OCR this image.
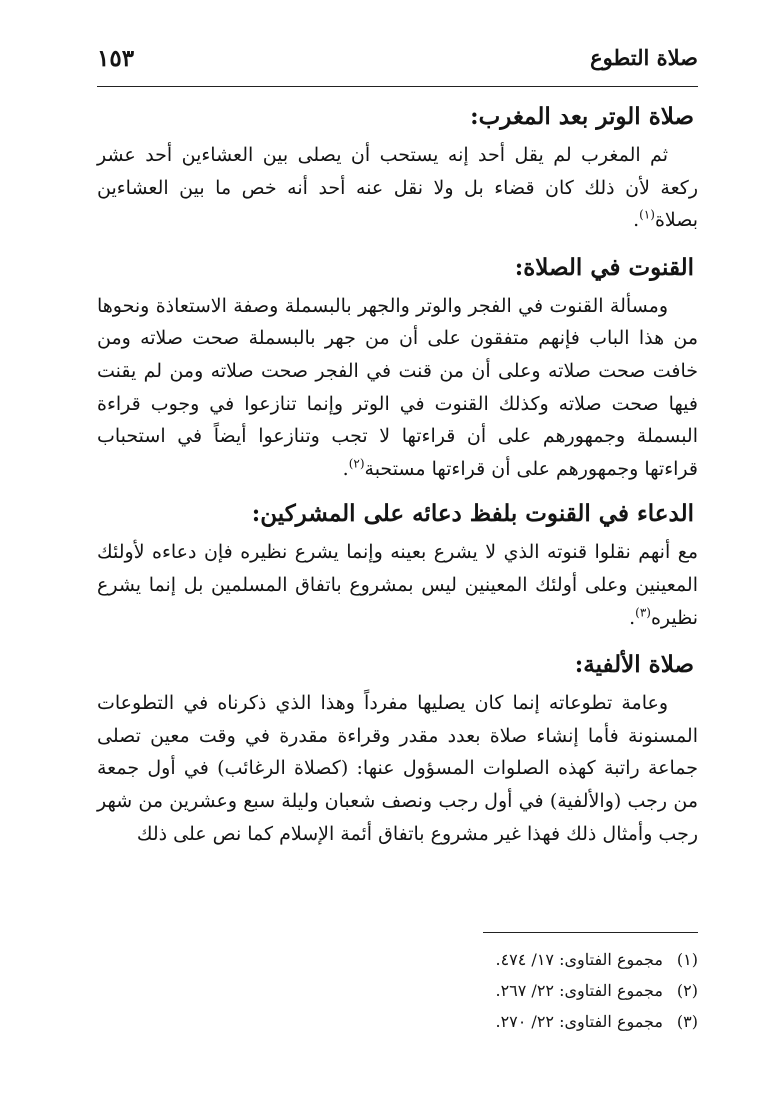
صلاة التطوع
١٥٣
صلاة الوتر بعد المغرب:

ثم المغرب لم يقل أحد إنه يستحب أن يصلى بين العشاءين أحد عشر ركعة لأن ذلك كان قضاء بل ولا نقل عنه أحد أنه خص ما بين العشاءين بصلاة$^{(١)}$.

القنوت في الصلاة:

ومسألة القنوت في الفجر والوتر والجهر بالبسملة وصفة الاستعاذة ونحوها من هذا الباب فإنهم متفقون على أن من جهر بالبسملة صحت صلاته ومن خافت صحت صلاته وعلى أن من قنت في الفجر صحت صلاته ومن لم يقنت فيها صحت صلاته وكذلك القنوت في الوتر وإنما تنازعوا في وجوب قراءة البسملة وجمهورهم على أن قراءتها لا تجب وتنازعوا أيضاً في استحباب قراءتها وجمهورهم على أن قراءتها مستحبة$^{(٢)}$.

الدعاء في القنوت بلفظ دعائه على المشركين:

مع أنهم نقلوا قنوته الذي لا يشرع بعينه وإنما يشرع نظيره فإن دعاءه لأولئك المعينين وعلى أولئك المعينين ليس بمشروع باتفاق المسلمين بل إنما يشرع نظيره$^{(٣)}$.

صلاة الألفية:

وعامة تطوعاته إنما كان يصليها مفرداً وهذا الذي ذكرناه في التطوعات المسنونة فأما إنشاء صلاة بعدد مقدر وقراءة مقدرة في وقت معين تصلى جماعة راتبة كهذه الصلوات المسؤول عنها: (كصلاة الرغائب) في أول جمعة من رجب (والألفية) في أول رجب ونصف شعبان وليلة سبع وعشرين من شهر رجب وأمثال ذلك فهذا غير مشروع باتفاق أئمة الإسلام كما نص على ذلك

(١)مجموع الفتاوى: ١٧/ ٤٧٤.
(٢)مجموع الفتاوى: ٢٢/ ٢٦٧.
(٣)مجموع الفتاوى: ٢٢/ ٢٧٠.
